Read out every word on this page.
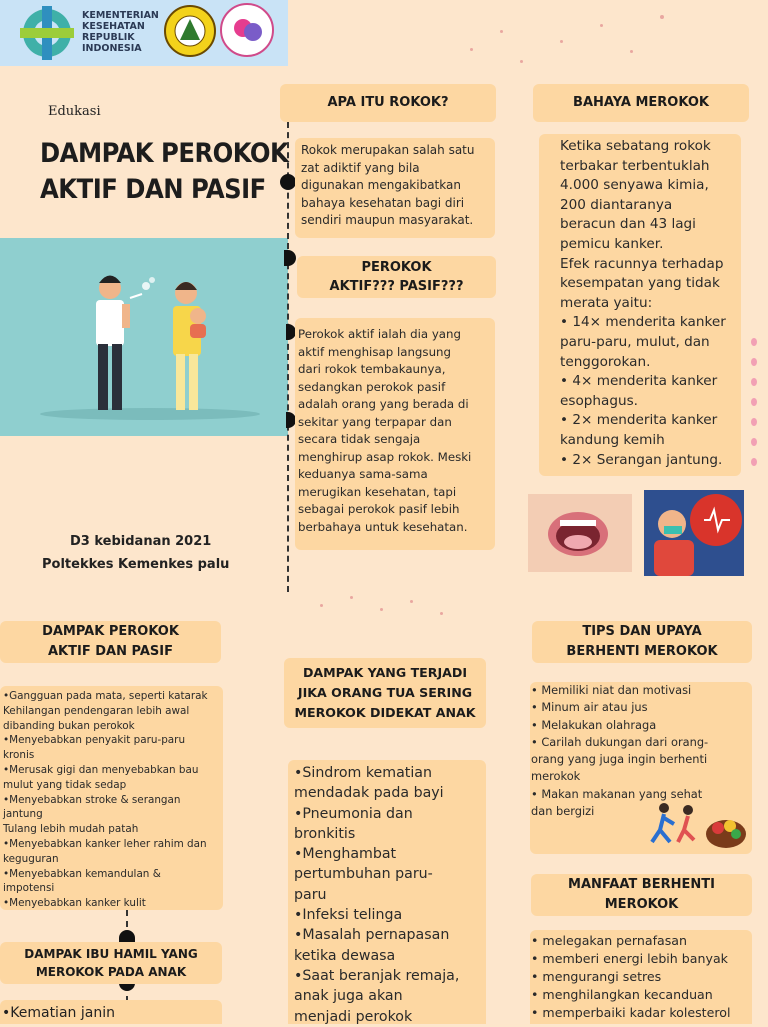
KEMENTERIAN
KESEHATAN
REPUBLIK
INDONESIA
Edukasi
DAMPAK PEROKOK
AKTIF DAN PASIF
D3 kebidanan 2021
Poltekkes Kemenkes palu
APA ITU ROKOK?
Rokok merupakan salah satu
zat adiktif yang bila
digunakan mengakibatkan
bahaya kesehatan bagi diri
sendiri maupun masyarakat.
PEROKOK
AKTIF??? PASIF???
Perokok aktif ialah dia yang
aktif menghisap langsung
dari rokok tembakaunya,
sedangkan perokok pasif
adalah orang yang berada di
sekitar yang terpapar dan
secara tidak sengaja
menghirup asap rokok. Meski
keduanya sama-sama
merugikan kesehatan, tapi
sebagai perokok pasif lebih
berbahaya untuk kesehatan.
BAHAYA MEROKOK
Ketika sebatang rokok
terbakar terbentuklah
4.000 senyawa kimia,
200 diantaranya
beracun dan 43 lagi
pemicu kanker.
Efek racunnya terhadap
kesempatan yang tidak
merata yaitu:
• 14× menderita kanker
paru-paru, mulut, dan
tenggorokan.
• 4× menderita kanker
esophagus.
• 2× menderita kanker
kandung kemih
• 2× Serangan jantung.
DAMPAK PEROKOK
AKTIF DAN PASIF
•Gangguan pada mata, seperti katarak
Kehilangan pendengaran lebih awal
dibanding bukan perokok
•Menyebabkan penyakit paru-paru
kronis
•Merusak gigi dan menyebabkan bau
mulut yang tidak sedap
•Menyebabkan stroke & serangan
jantung
Tulang lebih mudah patah
•Menyebabkan kanker leher rahim dan
keguguran
•Menyebabkan kemandulan &
impotensi
•Menyebabkan kanker kulit
DAMPAK IBU HAMIL YANG
MEROKOK PADA ANAK
•Kematian janin
DAMPAK YANG TERJADI
JIKA ORANG TUA SERING
MEROKOK DIDEKAT ANAK
•Sindrom kematian
mendadak pada bayi
•Pneumonia dan
bronkitis
•Menghambat
pertumbuhan paru-
paru
•Infeksi telinga
•Masalah pernapasan
ketika dewasa
•Saat beranjak remaja,
anak juga akan
menjadi perokok
TIPS DAN UPAYA
BERHENTI MEROKOK
• Memiliki niat dan motivasi
• Minum air atau jus
• Melakukan olahraga
• Carilah dukungan dari orang-
orang yang juga ingin berhenti
merokok
• Makan makanan yang sehat
dan bergizi
MANFAAT BERHENTI
MEROKOK
• melegakan pernafasan
• memberi energi lebih banyak
• mengurangi setres
• menghilangkan kecanduan
• memperbaiki kadar kolesterol
